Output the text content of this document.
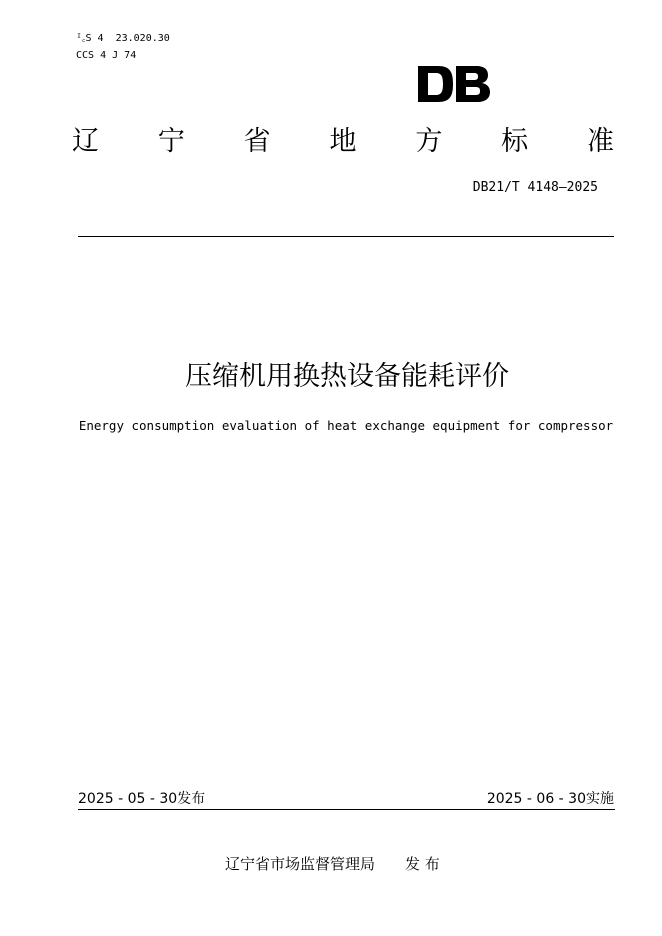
ᴵ꜀S 4 23.020.30
CCS 4 J 74
辽 宁 省 地 方 标 准
DB21/T 4148—2025
压缩机用换热设备能耗评价
Energy consumption evaluation of heat exchange equipment for compressor
2025 - 05 - 30发布	2025 - 06 - 30实施
辽宁省市场监督管理局 发 布
